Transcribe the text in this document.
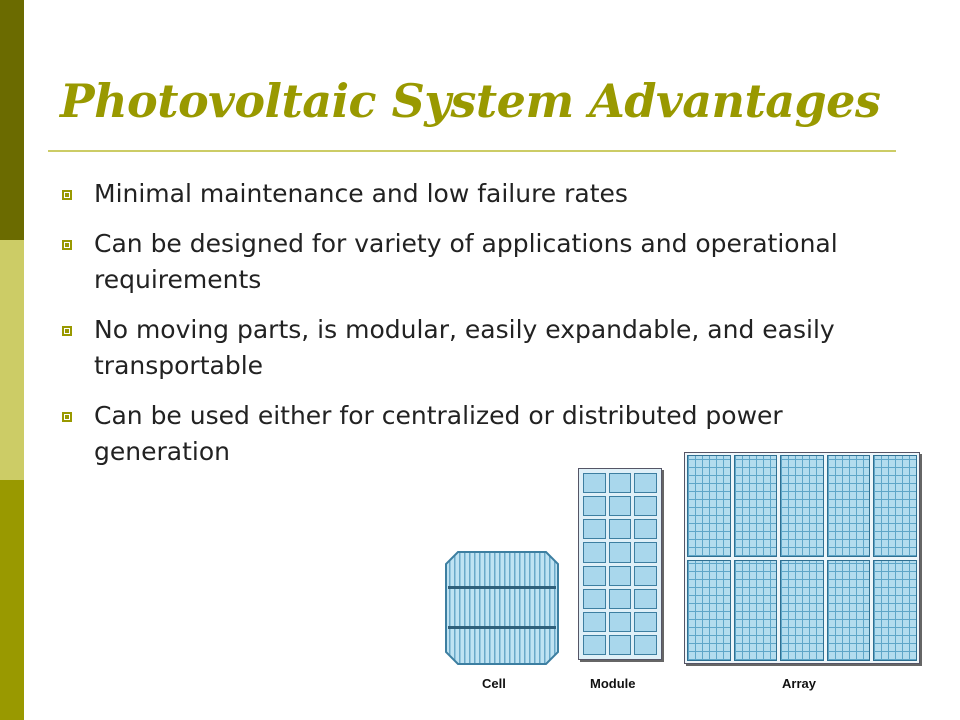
Photovoltaic System Advantages
Minimal maintenance and low failure rates
Can be designed for variety of applications and operational requirements
No moving parts, is modular, easily expandable, and easily transportable
Can be used either for centralized or distributed power generation
Cell	Module	Array
